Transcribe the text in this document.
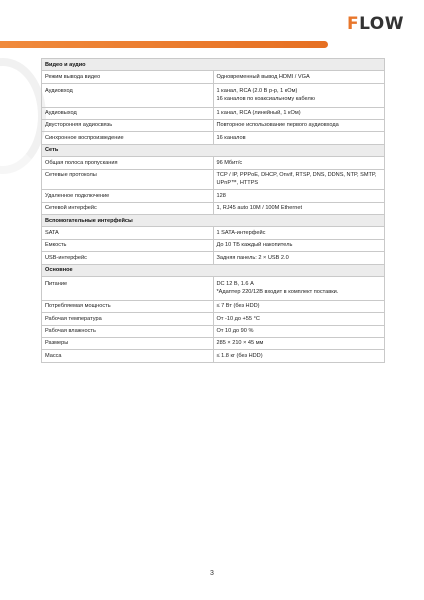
FLOW
Видео и аудио	
Режим вывода видео	Одновременный вывод HDMI / VGA

Аудиовход	1 канал, RCA (2.0 В р-р, 1 кОм)
16 каналов по коаксиальному кабелю

Аудиовыход	1 канал, RCA (линейный, 1 кОм)

Двусторонняя аудиосвязь	Повторное использование первого аудиовхода

Синхронное воспроизведение	16 каналов

Сеть	
Общая полоса пропускания	96 Мбит/с

Сетевые протоколы	TCP / IP, PPPoE, DHCP, Onvif, RTSP, DNS, DDNS, NTP, SMTP, UPnP™, HTTPS

Удаленное подключение	128

Сетевой интерфейс	1, RJ45 auto 10M / 100M Ethernet

Вспомогательные интерфейсы	
SATA	1 SATA-интерфейс

Емкость	До 10 ТБ каждый накопитель

USB-интерфейс	Задняя панель: 2 × USB 2.0

Основное	
Питание	DC 12 В, 1.6 А
*Адаптер 220/12В входит в комплект поставки.

Потребляемая мощность	≤ 7 Вт (без HDD)

Рабочая температура	От -10 до +55 °С

Рабочая влажность	От 10 до 90 %

Размеры	285 × 210 × 45 мм

Масса	≤ 1.8 кг (без HDD)
3
